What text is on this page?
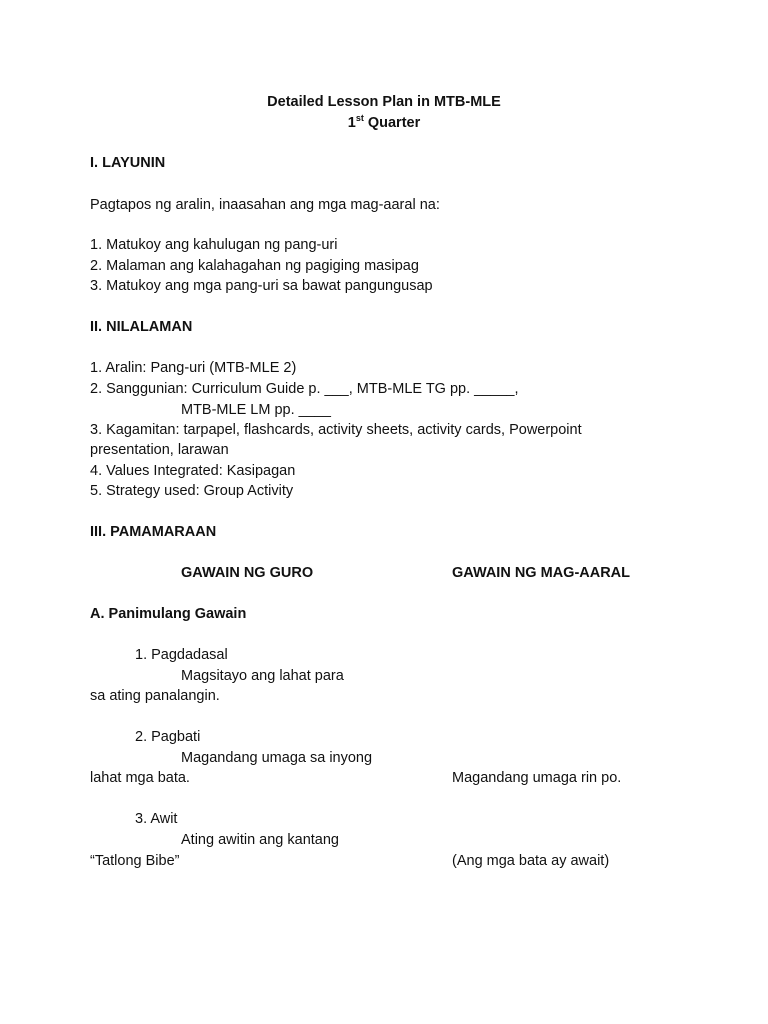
Detailed Lesson Plan in MTB-MLE
1st Quarter
I. LAYUNIN
Pagtapos ng aralin, inaasahan ang mga mag-aaral na:
1. Matukoy ang kahulugan ng pang-uri
2. Malaman ang kalahagahan ng pagiging masipag
3. Matukoy ang mga pang-uri sa bawat pangungusap
II. NILALAMAN
1. Aralin: Pang-uri (MTB-MLE 2)
2. Sanggunian: Curriculum Guide p. ___, MTB-MLE TG pp. _____,
MTB-MLE LM pp. ____
3. Kagamitan: tarpapel, flashcards, activity sheets, activity cards, Powerpoint
presentation, larawan
4. Values Integrated: Kasipagan
5. Strategy used: Group Activity
III. PAMAMARAAN
GAWAIN NG GURO	GAWAIN NG MAG-AARAL
A. Panimulang Gawain
1. Pagdadasal
Magsitayo ang lahat para
sa ating panalangin.
2. Pagbati
Magandang umaga sa inyong
lahat mga bata.	Magandang umaga rin po.
3. Awit
Ating awitin ang kantang
“Tatlong Bibe”	(Ang mga bata ay await)
